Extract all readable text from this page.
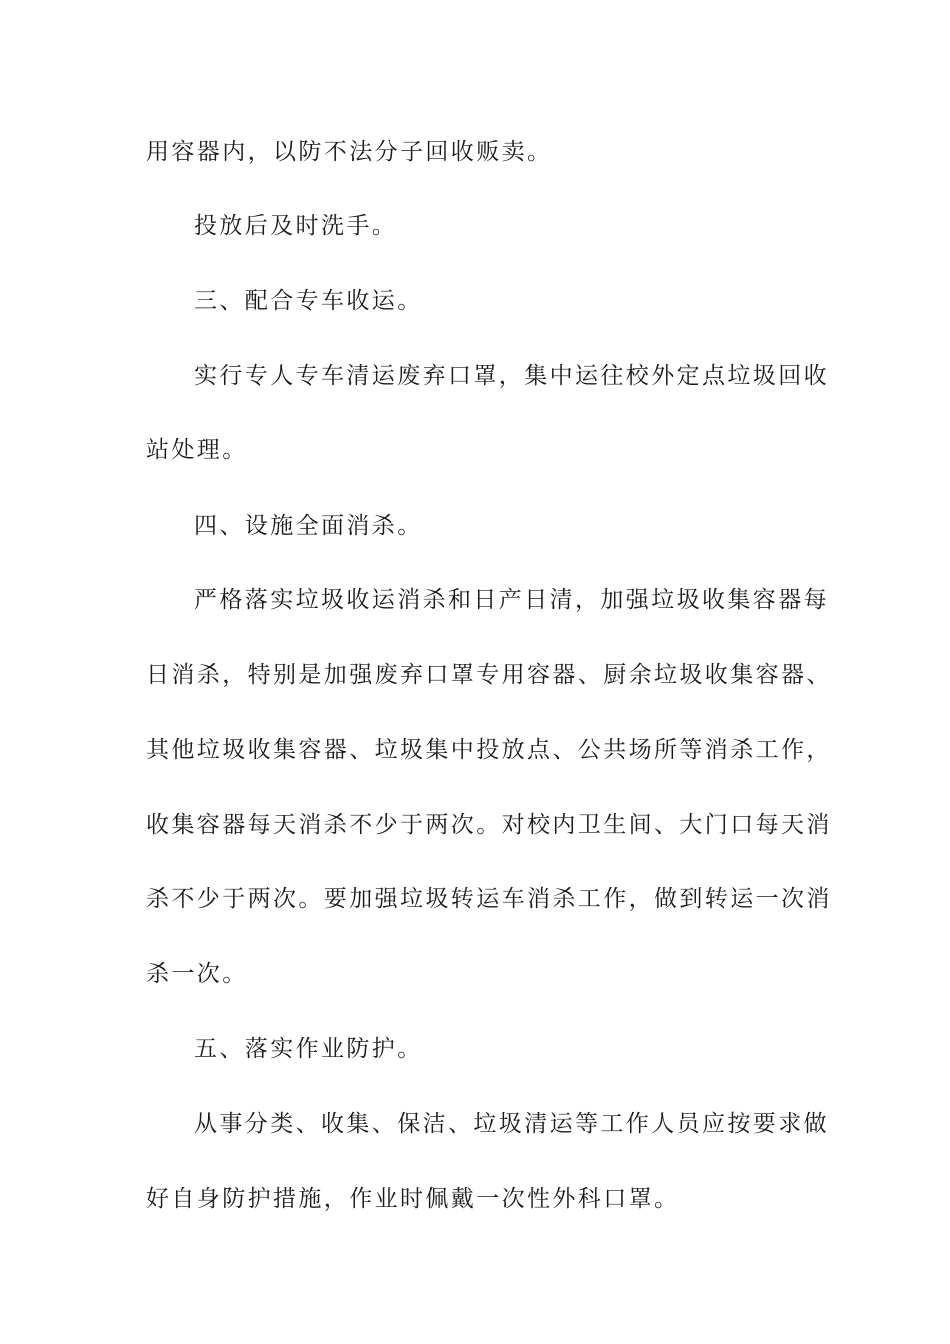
用容器内，以防不法分子回收贩卖。
投放后及时洗手。
三、配合专车收运。
实行专人专车清运废弃口罩，集中运往校外定点垃圾回收
站处理。
四、设施全面消杀。
严格落实垃圾收运消杀和日产日清，加强垃圾收集容器每
日消杀，特别是加强废弃口罩专用容器、厨余垃圾收集容器、
其他垃圾收集容器、垃圾集中投放点、公共场所等消杀工作，
收集容器每天消杀不少于两次。对校内卫生间、大门口每天消
杀不少于两次。要加强垃圾转运车消杀工作，做到转运一次消
杀一次。
五、落实作业防护。
从事分类、收集、保洁、垃圾清运等工作人员应按要求做
好自身防护措施，作业时佩戴一次性外科口罩。
